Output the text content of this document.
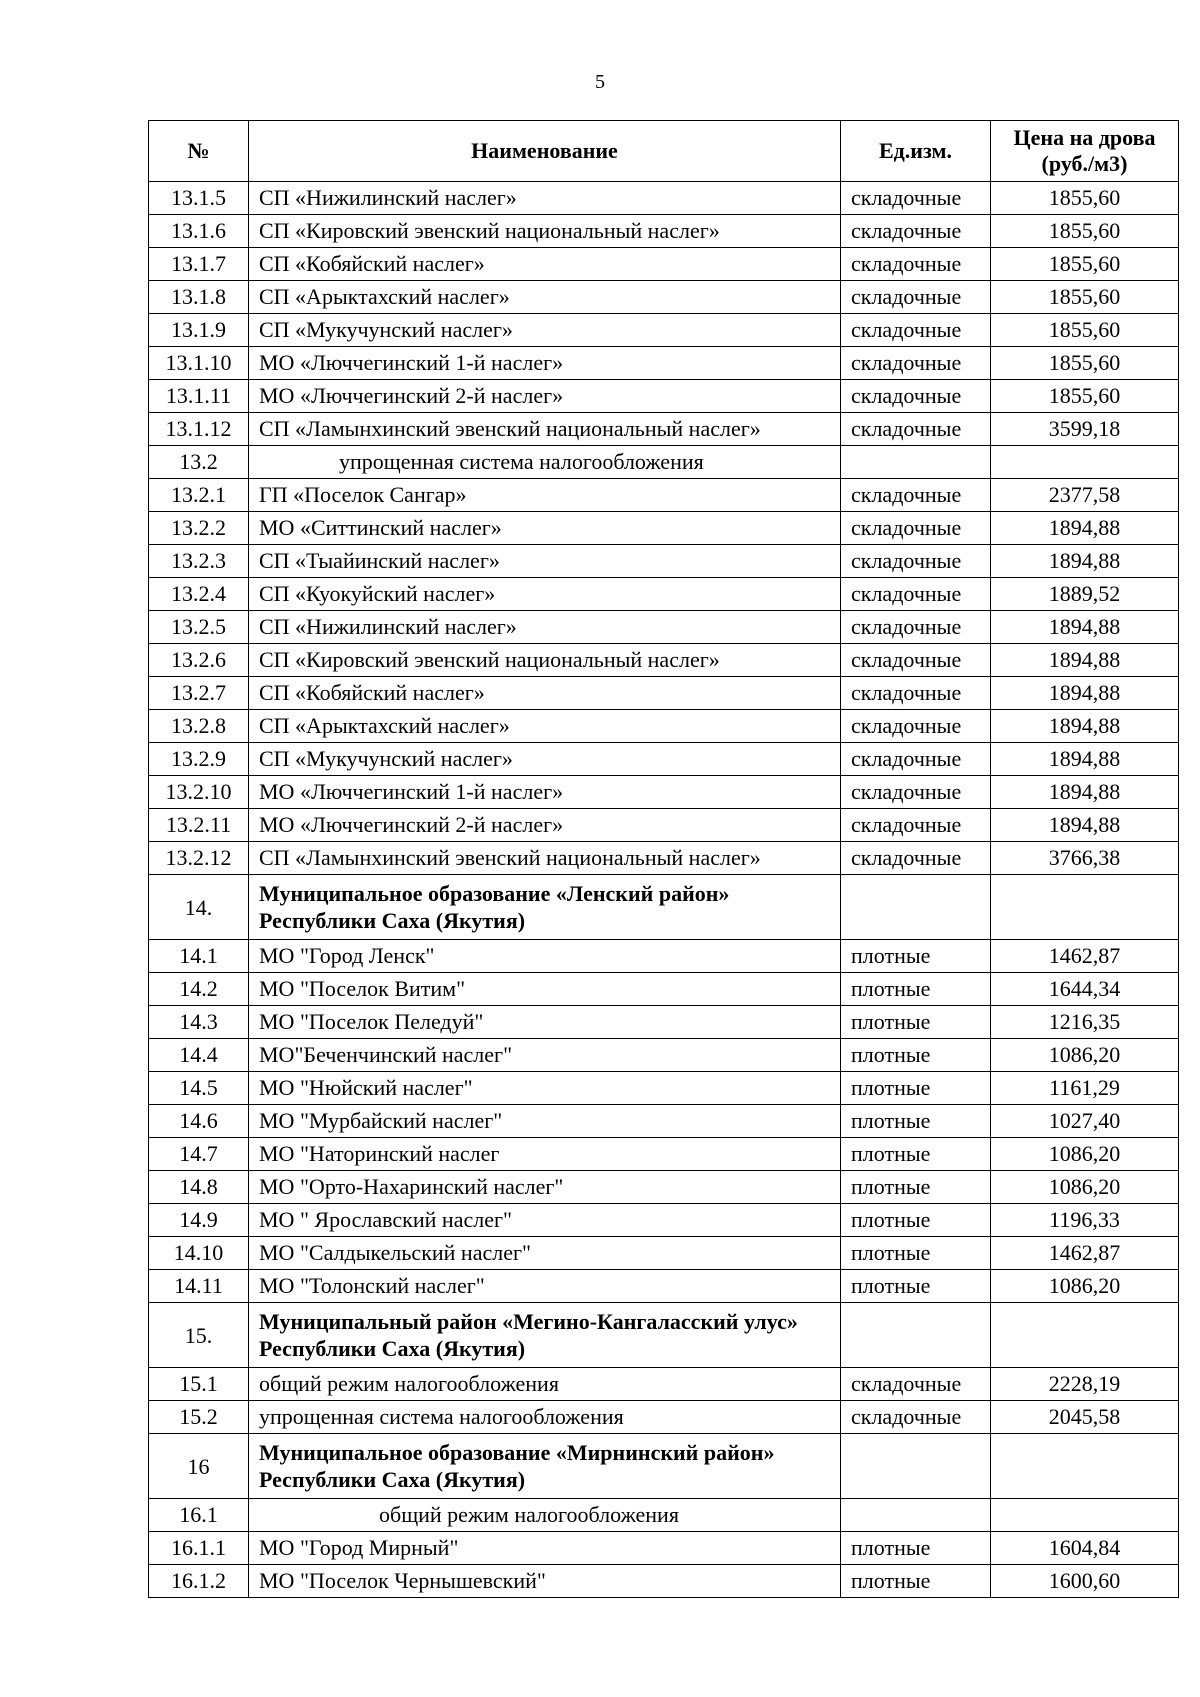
5
№	Наименование	Ед.изм.	Цена на дрова (руб./м3)
13.1.5	СП «Нижилинский наслег»	складочные	1855,60
13.1.6	СП «Кировский эвенский национальный наслег»	складочные	1855,60
13.1.7	СП «Кобяйский наслег»	складочные	1855,60
13.1.8	СП «Арыктахский наслег»	складочные	1855,60
13.1.9	СП «Мукучунский наслег»	складочные	1855,60
13.1.10	МО «Люччегинский 1-й наслег»	складочные	1855,60
13.1.11	МО «Люччегинский 2-й наслег»	складочные	1855,60
13.1.12	СП «Ламынхинский эвенский национальный наслег»	складочные	3599,18
13.2	упрощенная система налогообложения		
13.2.1	ГП «Поселок Сангар»	складочные	2377,58
13.2.2	МО «Ситтинский наслег»	складочные	1894,88
13.2.3	СП «Тыайинский наслег»	складочные	1894,88
13.2.4	СП «Куокуйский наслег»	складочные	1889,52
13.2.5	СП «Нижилинский наслег»	складочные	1894,88
13.2.6	СП «Кировский эвенский национальный наслег»	складочные	1894,88
13.2.7	СП «Кобяйский наслег»	складочные	1894,88
13.2.8	СП «Арыктахский наслег»	складочные	1894,88
13.2.9	СП «Мукучунский наслег»	складочные	1894,88
13.2.10	МО «Люччегинский 1-й наслег»	складочные	1894,88
13.2.11	МО «Люччегинский 2-й наслег»	складочные	1894,88
13.2.12	СП «Ламынхинский эвенский национальный наслег»	складочные	3766,38
14.	Муниципальное образование «Ленский район» Республики Саха (Якутия)		
14.1	МО "Город Ленск"	плотные	1462,87
14.2	МО "Поселок Витим"	плотные	1644,34
14.3	МО "Поселок Пеледуй"	плотные	1216,35
14.4	МО"Беченчинский наслег"	плотные	1086,20
14.5	МО "Нюйский наслег"	плотные	1161,29
14.6	МО "Мурбайский наслег"	плотные	1027,40
14.7	МО "Наторинский наслег	плотные	1086,20
14.8	МО "Орто-Нахаринский наслег"	плотные	1086,20
14.9	МО " Ярославский наслег"	плотные	1196,33
14.10	МО "Салдыкельский наслег"	плотные	1462,87
14.11	МО "Толонский наслег"	плотные	1086,20
15.	Муниципальный район «Мегино-Кангаласский улус» Республики Саха (Якутия)		
15.1	общий режим налогообложения	складочные	2228,19
15.2	упрощенная система налогообложения	складочные	2045,58
16	Муниципальное образование «Мирнинский район» Республики Саха (Якутия)		
16.1	общий режим налогообложения		
16.1.1	МО "Город Мирный"	плотные	1604,84
16.1.2	МО "Поселок Чернышевский"	плотные	1600,60
